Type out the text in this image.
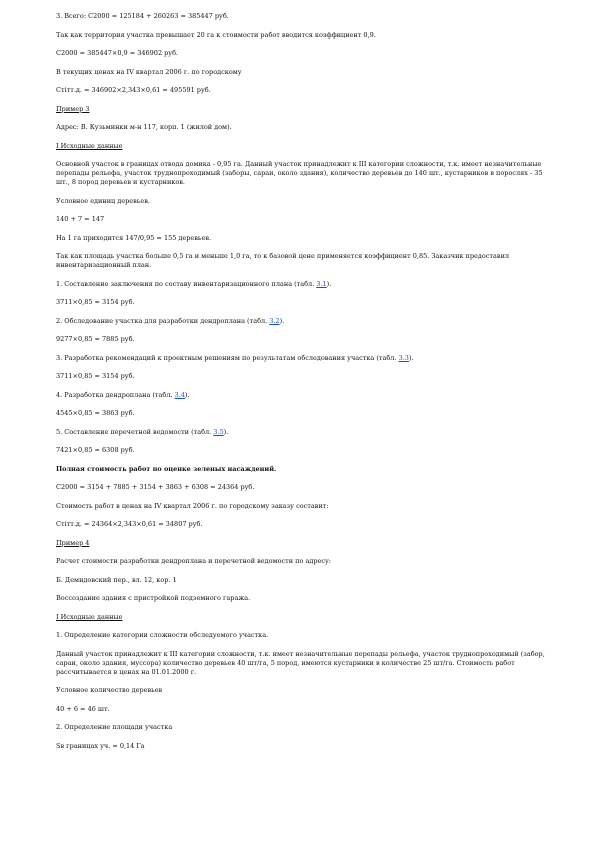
3. Всего: С2000 = 125184 + 260263 = 385447 руб.

Так как территория участка превышает 20 га к стоимости работ вводится коэффициент 0,9.

С2000 = 385447×0,9 = 346902 руб.

В текущих ценах на IV квартал 2006 г. по городскому

Стiтт.д. = 346902×2,343×0,61 = 495591 руб.

Пример 3

Адрес: В. Кузьминки м-н 117, корп. 1 (жилой дом).

I Исходные данные

Основной участок в границах отвода домика - 0,95 га. Данный участок принадлежит к III категории сложности, т.к. имеет незначительные перепады рельефа, участок труднопроходимый (заборы, сараи, около здания), количество деревьев до 140 шт., кустарников в порослях - 35 шт., 8 пород деревьев и кустарников.

Условное единиц деревьев.

140 + 7 = 147

На 1 га приходится 147/0,95 = 155 деревьев.

Так как площадь участка больше 0,5 га и меньше 1,0 га, то к базовой цене применяется коэффициент 0,85. Заказчик предоставил инвентаризационный план.

1. Составление заключения по составу инвентаризационного плана (табл. 3.1).

3711×0,85 = 3154 руб.

2. Обследование участка для разработки дендроплана (табл. 3.2).

9277×0,85 = 7885 руб.

3. Разработка рекомендаций к проектным решениям по результатам обследования участка (табл. 3.3).

3711×0,85 = 3154 руб.

4. Разработка дендроплана (табл. 3.4).

4545×0,85 = 3863 руб.

5. Составление перечетной ведомости (табл. 3.5).

7421×0,85 = 6308 руб.

Полная стоимость работ по оценке зеленых насаждений.

С2000 = 3154 + 7885 + 3154 + 3863 + 6308 = 24364 руб.

Стоимость работ в ценах на IV квартал 2006 г. по городскому заказу составит:

Стiтт.д. = 24364×2,343×0,61 = 34807 руб.

Пример 4

Расчет стоимости разработки дендроплана и перечетной ведомости по адресу:

Б. Демидовский пер., вл. 12, кор. 1

Воссоздание здания с пристройкой подземного гаража.

I Исходные данные

1. Определение категории сложности обследуемого участка.

Данный участок принадлежит к III категории сложности, т.к. имеет незначительные перепады рельефа, участок труднопроходимый (забор, сараи, около здания, муссора) количество деревьев 40 шт/га, 5 пород, имеются кустарники в количестве 25 шт/га. Стоимость работ рассчитывается в ценах на 01.01.2000 г.

Условное количество деревьев

40 + 6 = 46 шт.

2. Определение площади участка

Sв границах уч. = 0,14 Га
